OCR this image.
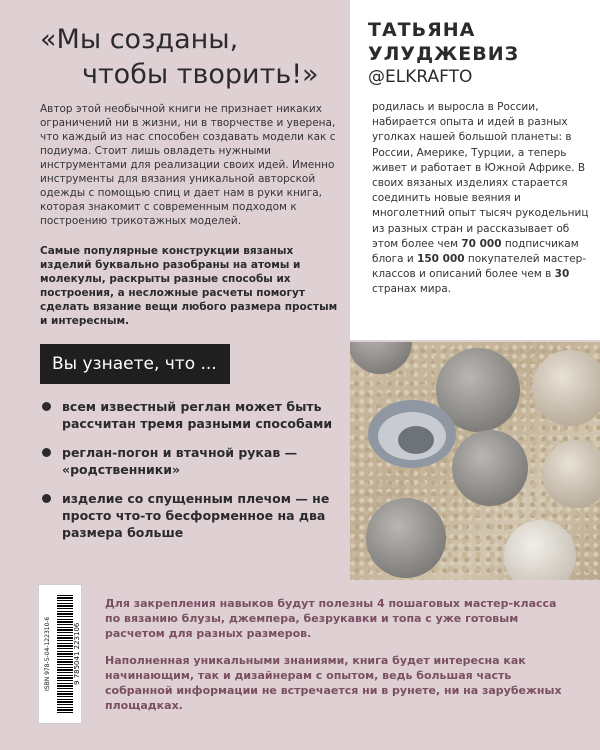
«Мы созданы,
чтобы творить!»

Автор этой необычной книги не признает никаких ограничений ни в жизни, ни в творчестве и уверена, что каждый из нас способен создавать модели как с подиума. Стоит лишь овладеть нужными инструментами для реализации своих идей. Именно инструменты для вязания уникальной авторской одежды с помощью спиц и дает нам в руки книга, которая знакомит с современным подходом к построению трикотажных моделей.

Самые популярные конструкции вязаных изделий буквально разобраны на атомы и молекулы, раскрыты разные способы их построения, а несложные расчеты помогут сделать вязание вещи любого размера простым и интересным.

Вы узнаете, что ...
всем известный реглан может быть рассчитан тремя разными способами
реглан-погон и втачной рукав — «родственники»
изделие со спущенным плечом — не просто что-то бесформенное на два размера больше
ТАТЬЯНА УЛУДЖЕВИЗ
@ELKRAFTO

родилась и выросла в России, набирается опыта и идей в разных уголках нашей большой планеты: в России, Америке, Турции, а теперь живет и работает в Южной Африке. В своих вязаных изделиях старается соединить новые веяния и многолетний опыт тысяч рукодельниц из разных стран и рассказывает об этом более чем 70 000 подписчикам блога и 150 000 покупателей мастер-классов и описаний более чем в 30 странах мира.

ISBN 978-5-04-122310-6	9 785041 223106

Для закрепления навыков будут полезны 4 пошаговых мастер-класса по вязанию блузы, джемпера, безрукавки и топа с уже готовым расчетом для разных размеров.

Наполненная уникальными знаниями, книга будет интересна как начинающим, так и дизайнерам с опытом, ведь большая часть собранной информации не встречается ни в рунете, ни на зарубежных площадках.
